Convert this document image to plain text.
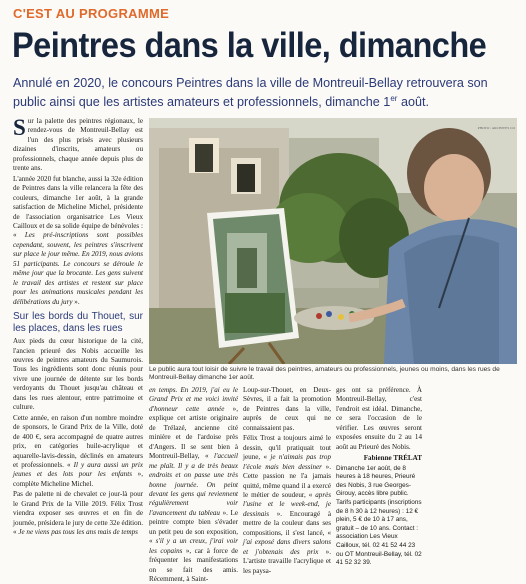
C'EST AU PROGRAMME
Peintres dans la ville, dimanche
Annulé en 2020, le concours Peintres dans la ville de Montreuil-Bellay retrouvera son public ainsi que les artistes amateurs et professionnels, dimanche 1er août.

Sur la palette des peintres régionaux, le rendez-vous de Montreuil-Bellay est l'un des plus prisés avec plusieurs dizaines d'inscrits, amateurs ou professionnels, chaque année depuis plus de trente ans.

L'année 2020 fut blanche, aussi la 32e édition de Peintres dans la ville relancera la fête des couleurs, dimanche 1er août, à la grande satisfaction de Micheline Michel, présidente de l'association organisatrice Les Vieux Cailloux et de sa solide équipe de bénévoles : « Les pré-inscriptions sont possibles cependant, souvent, les peintres s'inscrivent sur place le jour même. En 2019, nous avions 51 participants. Le concours se déroule le même jour que la brocante. Les gens suivent le travail des artistes et restent sur place pour les animations musicales pendant les délibérations du jury ».

Sur les bords du Thouet, sur les places, dans les rues

Aux pieds du cœur historique de la cité, l'ancien prieuré des Nobis accueille les œuvres de peintres amateurs du Saumurois. Tous les ingrédients sont donc réunis pour vivre une journée de détente sur les bords verdoyants du Thouet jusqu'au château et dans les rues alentour, entre patrimoine et culture.

Cette année, en raison d'un nombre moindre de sponsors, le Grand Prix de la Ville, doté de 400 €, sera accompagné de quatre autres prix, en catégories huile-acrylique et aquarelle-lavis-dessin, déclinés en amateurs et professionnels. « Il y aura aussi un prix jeunes et des lots pour les enfants », complète Micheline Michel.

Pas de palette ni de chevalet ce jour-là pour le Grand Prix de la Ville 2019. Félix Trost viendra exposer ses œuvres et en fin de journée, présidera le jury de cette 32e édition. « Je ne viens pas tous les ans mais de temps

PHOTO : ARCHIVES CO
Le public aura tout loisir de suivre le travail des peintres, amateurs ou professionnels, jeunes ou moins, dans les rues de Montreuil-Bellay dimanche 1er août.

en temps. En 2019, j'ai eu le Grand Prix et me voici invité d'honneur cette année », explique cet artiste originaire de Trélazé, ancienne cité minière et de l'ardoise près d'Angers. Il se sent bien à Montreuil-Bellay, « l'accueil me plaît. Il y a de très beaux endroits et on passe une très bonne journée. On peint devant les gens qui reviennent régulièrement voir l'avancement du tableau ». Le peintre compte bien s'évader un petit peu de son exposition, « s'il y a un creux, j'irai voir les copains », car à force de fréquenter les manifestations on se fait des amis. Récemment, à Saint-

Loup-sur-Thouet, en Deux-Sèvres, il a fait la promotion de Peintres dans la ville, auprès de ceux qui ne connaissaient pas.

Félix Trost a toujours aimé le dessin, qu'il pratiquait tout jeune, « je n'aimais pas trop l'école mais bien dessiner ». Cette passion ne l'a jamais quitté, même quand il a exercé le métier de soudeur, « après l'usine et le week-end, je dessinais ». Encouragé à mettre de la couleur dans ses compositions, il s'est lancé, « j'ai exposé dans divers salons et j'obtenais des prix ». L'artiste travaille l'acrylique et les paysa-

ges ont sa préférence. À Montreuil-Bellay, c'est l'endroit est idéal. Dimanche, ce sera l'occasion de le vérifier. Les œuvres seront exposées ensuite du 2 au 14 août au Prieuré des Nobis.

Fabienne TRÉLAT

Dimanche 1er août, de 8 heures à 18 heures, Prieuré des Nobis, 3 rue Georges-Girouy, accès libre public. Tarifs participants (inscriptions de 8 h 30 à 12 heures) : 12 € plein, 5 € de 10 à 17 ans, gratuit – de 10 ans. Contact : association Les Vieux Cailloux, tél. 02 41 52 44 23 ou OT Montreuil-Bellay, tél. 02 41 52 32 39.
